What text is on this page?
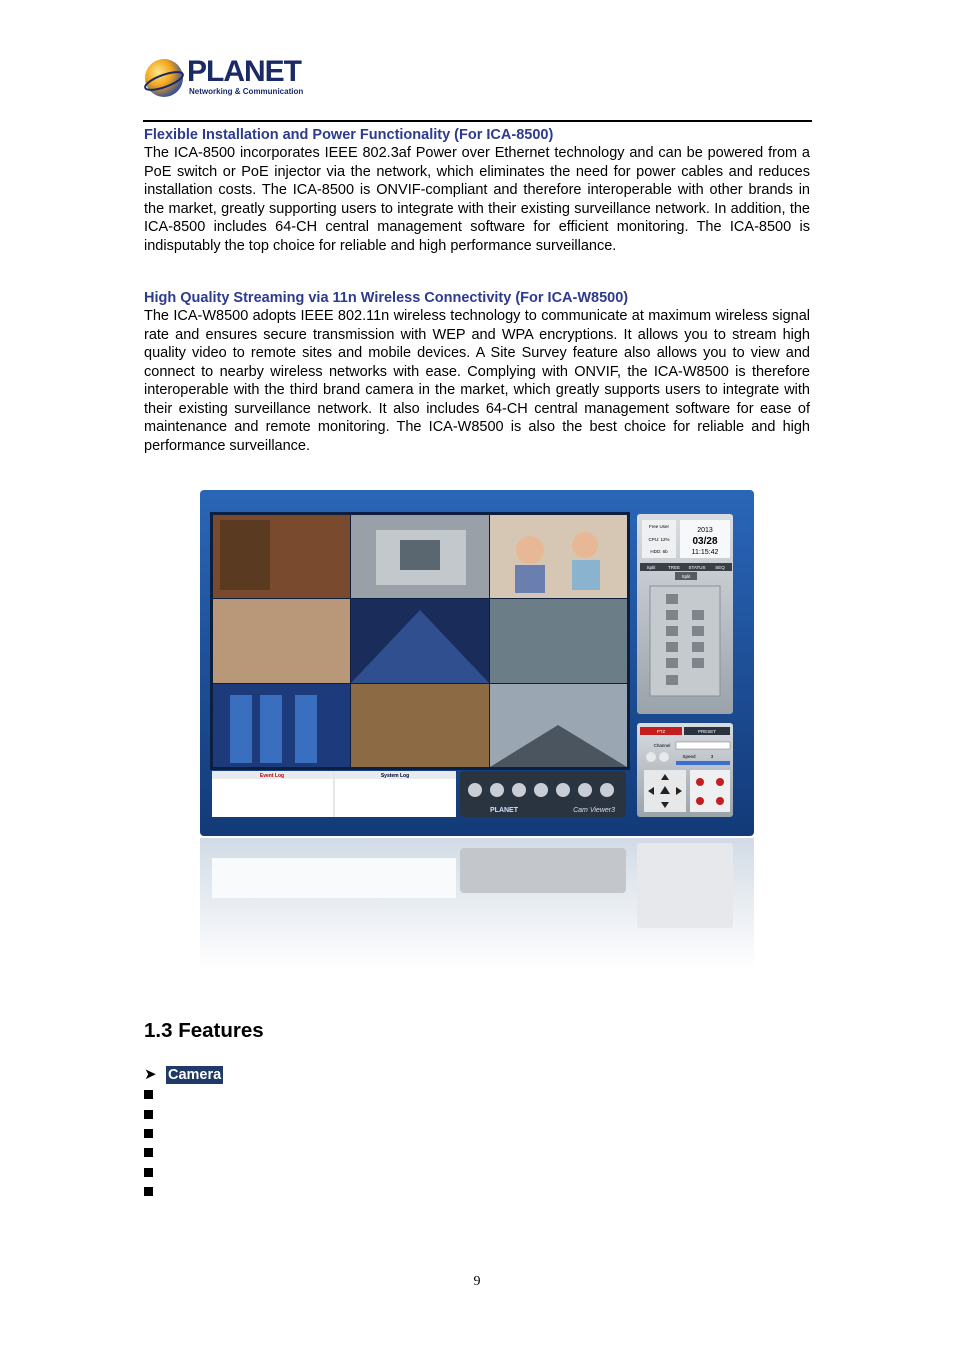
PLANET
Networking & Communication

Flexible Installation and Power Functionality (For ICA-8500)

The ICA-8500 incorporates IEEE 802.3af Power over Ethernet technology and can be powered from a PoE switch or PoE injector via the network, which eliminates the need for power cables and reduces installation costs. The ICA-8500 is ONVIF-compliant and therefore interoperable with other brands in the market, greatly supporting users to integrate with their existing surveillance network. In addition, the ICA-8500 includes 64-CH central management software for efficient monitoring. The ICA-8500 is indisputably the top choice for reliable and high performance surveillance.

High Quality Streaming via 11n Wireless Connectivity (For ICA-W8500)

The ICA-W8500 adopts IEEE 802.11n wireless technology to communicate at maximum wireless signal rate and ensures secure transmission with WEP and WPA encryptions. It allows you to stream high quality video to remote sites and mobile devices. A Site Survey feature also allows you to view and connect to nearby wireless networks with ease. Complying with ONVIF, the ICA-W8500 is therefore interoperable with the third brand camera in the market, which greatly supports users to integrate with their existing surveillance network. It also includes 64-CH central management software for ease of maintenance and remote monitoring. The ICA-W8500 is also the best choice for reliable and high performance surveillance.

Event Log	System Log
PLANET	Cam Viewer3
Free User
CPU: 12%
HDD: 6b
2013
03/28
11:15:42
Split	TREE STATUS SEQ
Split
PTZ	PRESET
Channel
Speed	3
1.3 Features
➤ Camera
9
